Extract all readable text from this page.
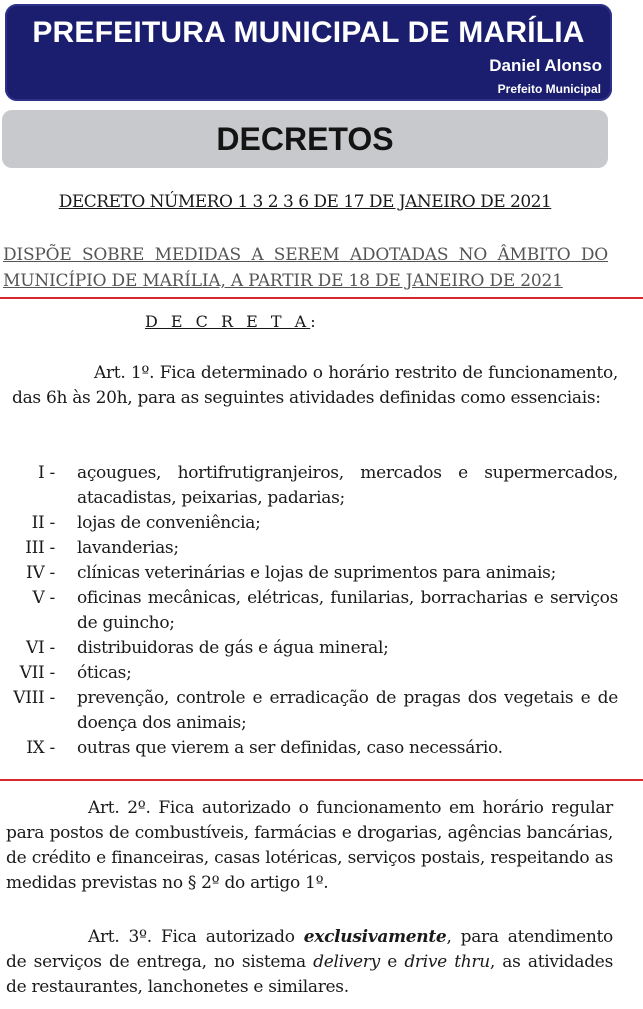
PREFEITURA MUNICIPAL DE MARÍLIA
Daniel Alonso
Prefeito Municipal
DECRETOS
DECRETO NÚMERO 1 3 2 3 6 DE 17 DE JANEIRO DE 2021
DISPÕE SOBRE MEDIDAS A SEREM ADOTADAS NO ÂMBITO DO MUNICÍPIO DE MARÍLIA, A PARTIR DE 18 DE JANEIRO DE 2021
D E C R E T A:
Art. 1º. Fica determinado o horário restrito de funcionamento, das 6h às 20h, para as seguintes atividades definidas como essenciais:
I - açougues, hortifrutigranjeiros, mercados e supermercados, atacadistas, peixarias, padarias;
II - lojas de conveniência;
III - lavanderias;
IV - clínicas veterinárias e lojas de suprimentos para animais;
V - oficinas mecânicas, elétricas, funilarias, borracharias e serviços de guincho;
VI - distribuidoras de gás e água mineral;
VII - óticas;
VIII - prevenção, controle e erradicação de pragas dos vegetais e de doença dos animais;
IX - outras que vierem a ser definidas, caso necessário.
Art. 2º. Fica autorizado o funcionamento em horário regular para postos de combustíveis, farmácias e drogarias, agências bancárias, de crédito e financeiras, casas lotéricas, serviços postais, respeitando as medidas previstas no § 2º do artigo 1º.
Art. 3º. Fica autorizado exclusivamente, para atendimento de serviços de entrega, no sistema delivery e drive thru, as atividades de restaurantes, lanchonetes e similares.
